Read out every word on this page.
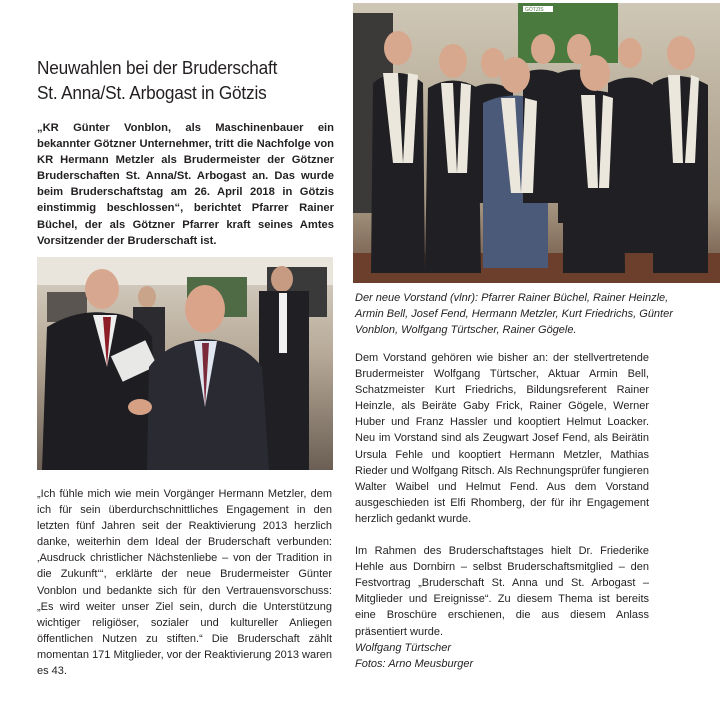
Neuwahlen bei der Bruderschaft
St. Anna/St. Arbogast in Götzis
„KR Günter Vonblon, als Maschinenbauer ein bekannter Götzner Unternehmer, tritt die Nachfolge von KR Hermann Metzler als Brudermeister der Götzner Bruderschaften St. Anna/St. Arbogast an. Das wurde beim Bruderschaftstag am 26. April 2018 in Götzis einstimmig beschlossen“, berichtet Pfarrer Rainer Büchel, der als Götzner Pfarrer kraft seines Amtes Vorsitzender der Bruderschaft ist.
„Ich fühle mich wie mein Vorgänger Hermann Metzler, dem ich für sein überdurchschnittliches Engagement in den letzten fünf Jahren seit der Reaktivierung 2013 herzlich danke, weiterhin dem Ideal der Bruderschaft verbunden: ‚Ausdruck christlicher Nächstenliebe – von der Tradition in die Zukunft‘“, erklärte der neue Brudermeister Günter Vonblon und bedankte sich für den Vertrauensvorschuss: „Es wird weiter unser Ziel sein, durch die Unterstützung wichtiger religiöser, sozialer und kultureller Anliegen öffentlichen Nutzen zu stiften.“ Die Bruderschaft zählt momentan 171 Mitglieder, vor der Reaktivierung 2013 waren es 43.
GÖTZIS
Der neue Vorstand (vlnr): Pfarrer Rainer Büchel, Rainer Heinzle, Armin Bell, Josef Fend, Hermann Metzler, Kurt Friedrichs, Günter Vonblon, Wolfgang Türtscher, Rainer Gögele.

Dem Vorstand gehören wie bisher an: der stellvertretende Brudermeister Wolfgang Türtscher, Aktuar Armin Bell, Schatzmeister Kurt Friedrichs, Bildungsreferent Rainer Heinzle, als Beiräte Gaby Frick, Rainer Gögele, Werner Huber und Franz Hassler und kooptiert Helmut Loacker. Neu im Vorstand sind als Zeugwart Josef Fend, als Beirätin Ursula Fehle und kooptiert Hermann Metzler, Mathias Rieder und Wolfgang Ritsch. Als Rechnungsprüfer fungieren Walter Waibel und Helmut Fend. Aus dem Vorstand ausgeschieden ist Elfi Rhomberg, der für ihr Engagement herzlich gedankt wurde.

Im Rahmen des Bruderschaftstages hielt Dr. Friederike Hehle aus Dornbirn – selbst Bruderschaftsmitglied – den Festvortrag „Bruderschaft St. Anna und St. Arbogast – Mitglieder und Ereignisse“. Zu diesem Thema ist bereits eine Broschüre erschienen, die aus diesem Anlass präsentiert wurde.

Wolfgang Türtscher
Fotos: Arno Meusburger
